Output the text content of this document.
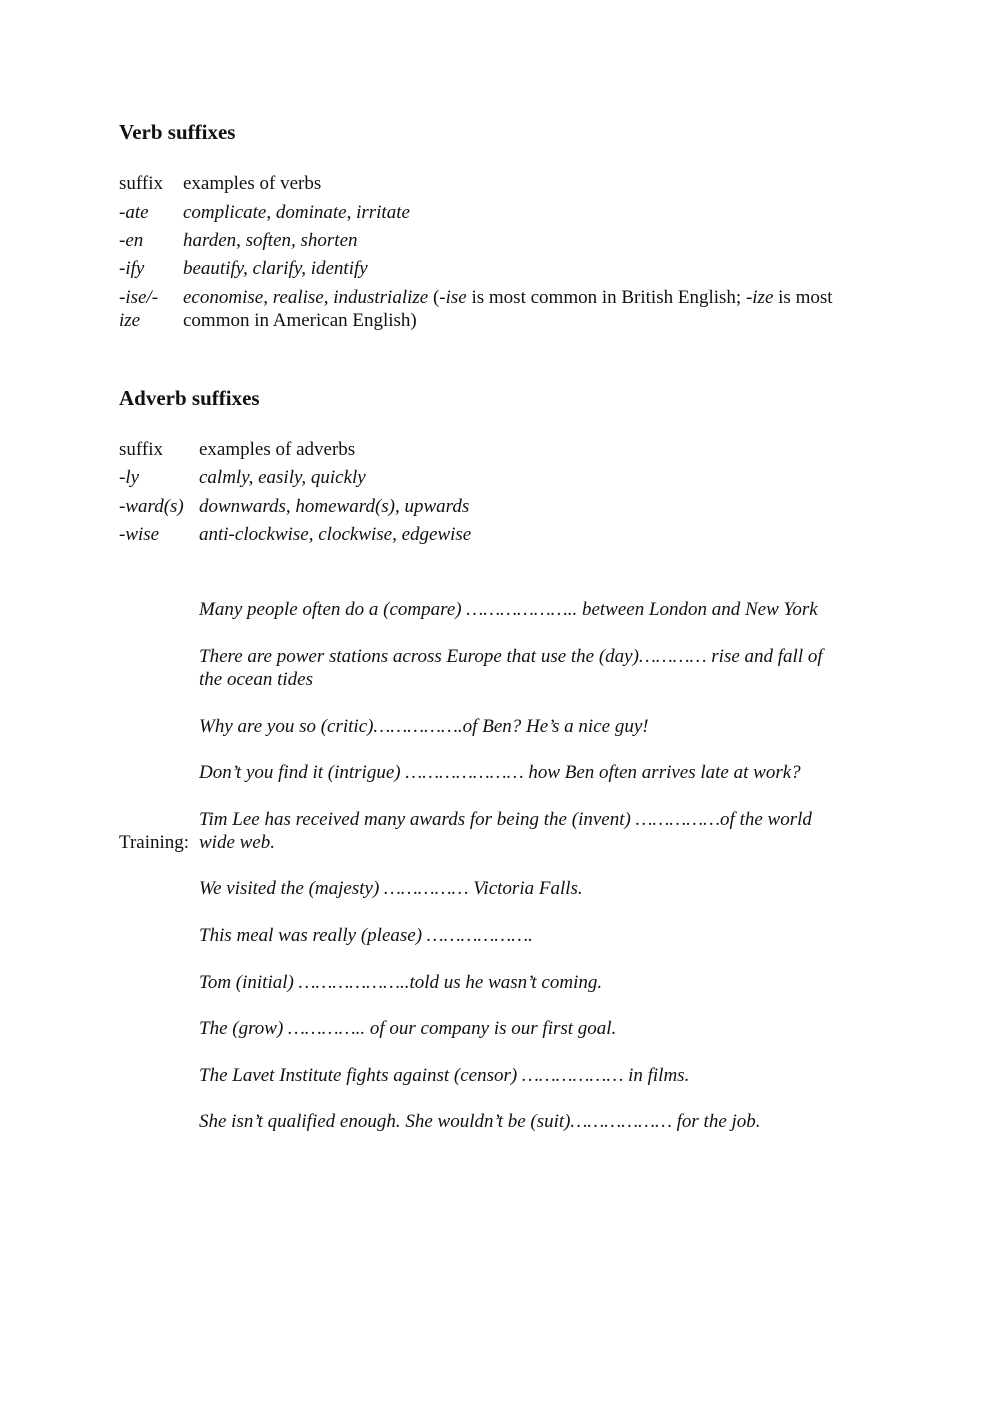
Verb suffixes
suffix examples of verbs
-ate complicate, dominate, irritate
-en harden, soften, shorten
-ify beautify, clarify, identify
-ise/-
ize
economise, realise, industrialize (-ise is most common in British English; -ize is most
common in American English)
Adverb suffixes
suffix examples of adverbs
-ly	calmly, easily, quickly
-ward(s) downwards, homeward(s), upwards
-wise anti-clockwise, clockwise, edgewise
Training:
Many people often do a (compare) ……………….. between London and New York
There are power stations across Europe that use the (day)………… rise and fall of
the ocean tides
Why are you so (critic)…………….of Ben? He’s a nice guy!
Don’t you find it (intrigue) ………………… how Ben often arrives late at work?
Tim Lee has received many awards for being the (invent) ……………of the world
wide web.
We visited the (majesty) …………… Victoria Falls.
This meal was really (please) ……………….
Tom (initial) ………………..told us he wasn’t coming.
The (grow) ………….. of our company is our first goal.
The Lavet Institute fights against (censor) ……………… in films.
She isn’t qualified enough. She wouldn’t be (suit)……………… for the job.
